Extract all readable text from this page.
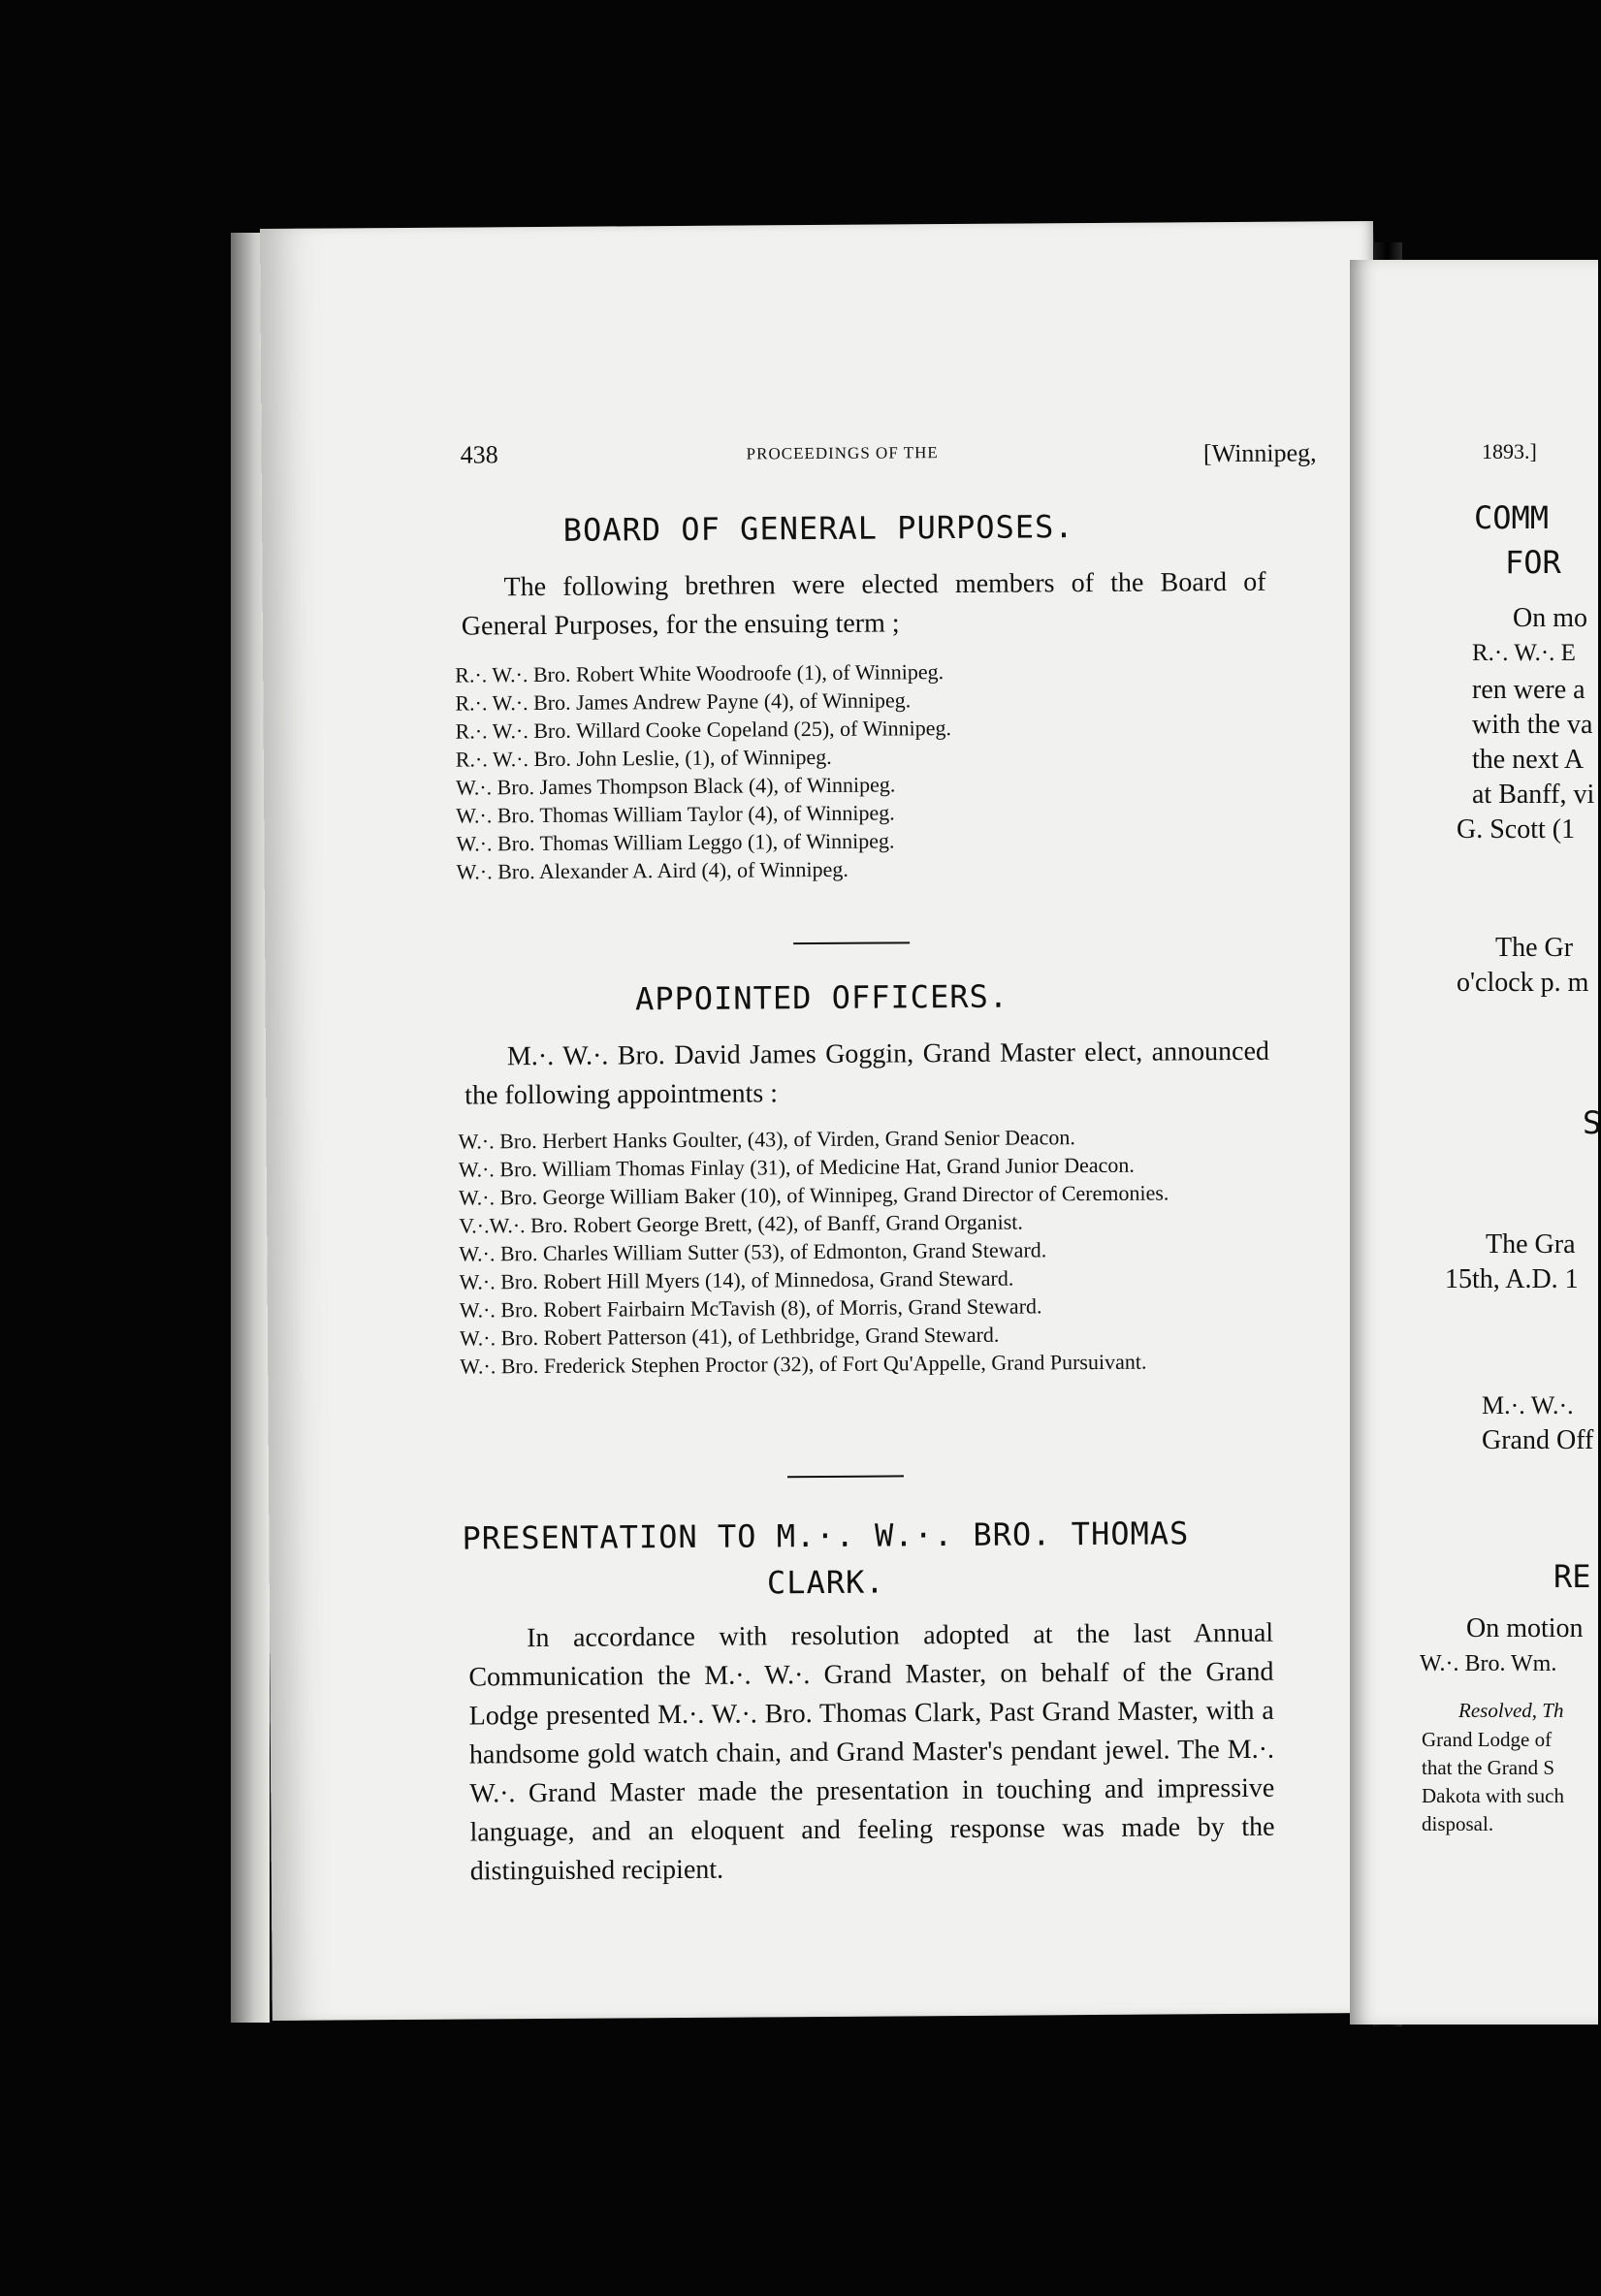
438	PROCEEDINGS OF THE	[Winnipeg,
BOARD OF GENERAL PURPOSES.
The following brethren were elected members of the Board of General Purposes, for the ensuing term ;
R.·. W.·. Bro. Robert White Woodroofe (1), of Winnipeg.
R.·. W.·. Bro. James Andrew Payne (4), of Winnipeg.
R.·. W.·. Bro. Willard Cooke Copeland (25), of Winnipeg.
R.·. W.·. Bro. John Leslie, (1), of Winnipeg.
W.·. Bro. James Thompson Black (4), of Winnipeg.
W.·. Bro. Thomas William Taylor (4), of Winnipeg.
W.·. Bro. Thomas William Leggo (1), of Winnipeg.
W.·. Bro. Alexander A. Aird (4), of Winnipeg.
APPOINTED OFFICERS.
M.·. W.·. Bro. David James Goggin, Grand Master elect, announced the following appointments :
W.·. Bro. Herbert Hanks Goulter, (43), of Virden, Grand Senior Deacon.
W.·. Bro. William Thomas Finlay (31), of Medicine Hat, Grand Junior Deacon.
W.·. Bro. George William Baker (10), of Winnipeg, Grand Director of Ceremonies.
V.·.W.·. Bro. Robert George Brett, (42), of Banff, Grand Organist.
W.·. Bro. Charles William Sutter (53), of Edmonton, Grand Steward.
W.·. Bro. Robert Hill Myers (14), of Minnedosa, Grand Steward.
W.·. Bro. Robert Fairbairn McTavish (8), of Morris, Grand Steward.
W.·. Bro. Robert Patterson (41), of Lethbridge, Grand Steward.
W.·. Bro. Frederick Stephen Proctor (32), of Fort Qu'Appelle, Grand Pursuivant.
PRESENTATION TO M.·. W.·. BRO. THOMAS
CLARK.
In accordance with resolution adopted at the last Annual Communication the M.·. W.·. Grand Master, on behalf of the Grand Lodge presented M.·. W.·. Bro. Thomas Clark, Past Grand Master, with a handsome gold watch chain, and Grand Master's pendant jewel. The M.·. W.·. Grand Master made the presentation in touching and impressive language, and an eloquent and feeling response was made by the distinguished recipient.
1893.]
COMM
FOR
On mo
R.·. W.·. E
ren were a
with the va
the next A
at Banff, vi
G. Scott (1
The Gr
o'clock p. m
S
The Gra
15th, A.D. 1
M.·. W.·.
Grand Off
RE
On motion
W.·. Bro. Wm.
Resolved, Th
Grand Lodge of
that the Grand S
Dakota with such
disposal.
